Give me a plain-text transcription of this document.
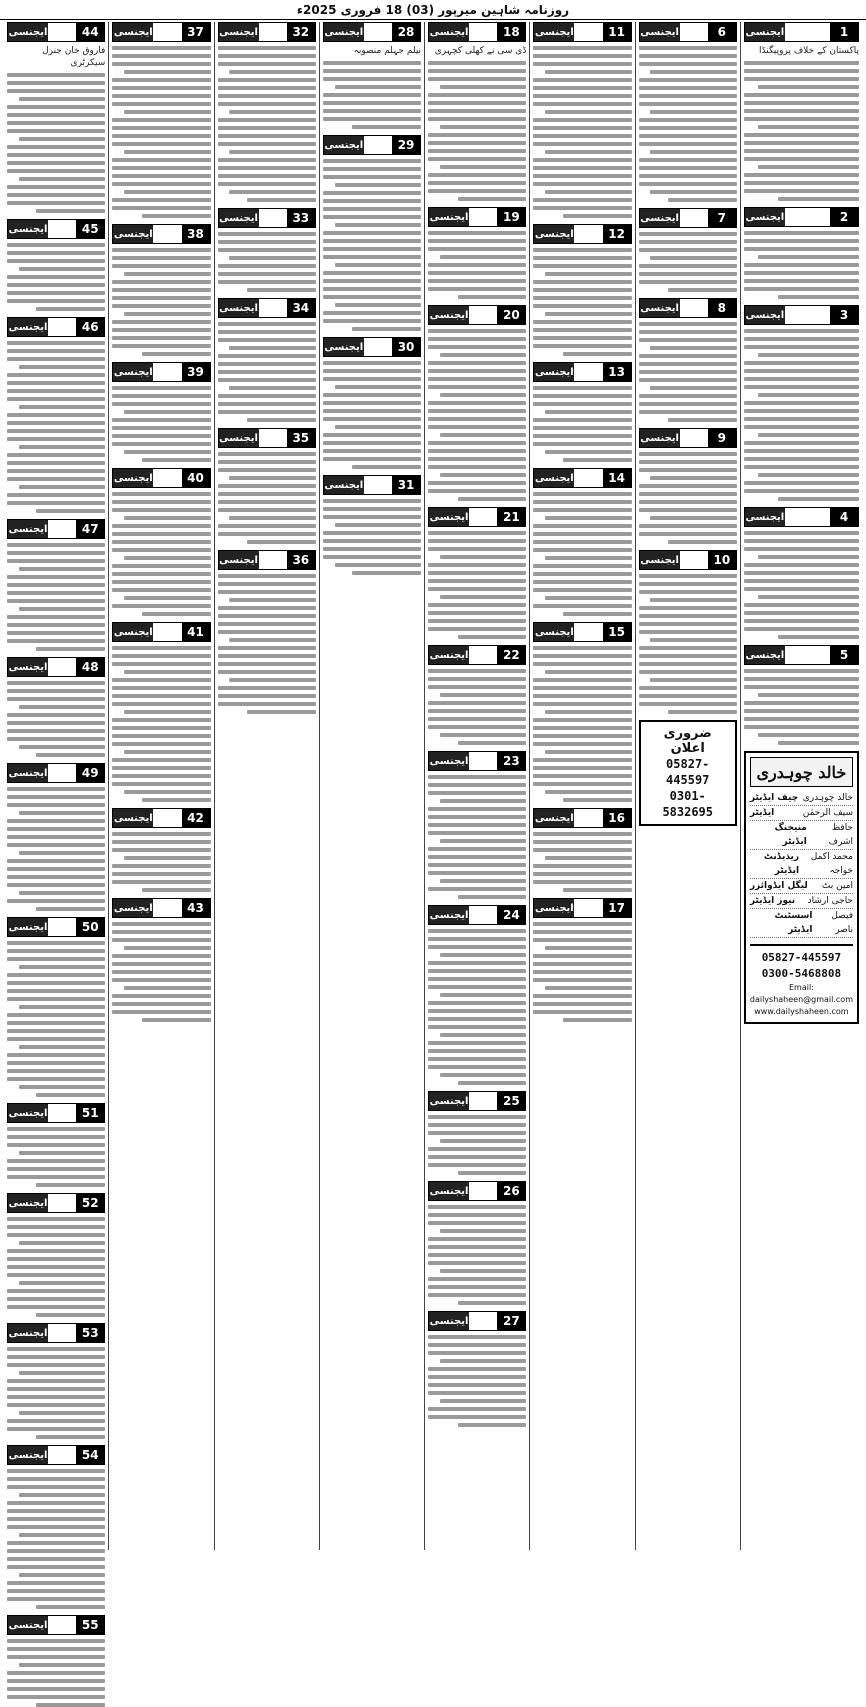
روزنامہ شاہین میرپور (03) 18 فروری 2025ء
1
ایجنسی
پاکستان کے خلاف پروپیگنڈا
2
ایجنسی
3
ایجنسی
4
ایجنسی
5
ایجنسی
خالد چوہدری
چیف ایڈیٹر خالد چوہدری
ایڈیٹر	سیف الرحمٰن
منیجنگ ایڈیٹر
حافظ اشرف
ریذیڈنٹ ایڈیٹر
محمد اکمل خواجہ
لیگل ایڈوائزر امین بٹ
نیوز ایڈیٹر حاجی ارشاد
اسسٹنٹ ایڈیٹر
فیصل ناصر
05827-445597
0300-5468808
Email: dailyshaheen@gmail.com
www.dailyshaheen.com
6
ایجنسی
7
ایجنسی
8
ایجنسی
9
ایجنسی
10
ایجنسی
ضروری اعلان
05827-445597
0301-5832695
11
ایجنسی
12
ایجنسی
13
ایجنسی
14
ایجنسی
15
ایجنسی
16
ایجنسی
17
ایجنسی
18
ایجنسی
ڈی سی نے کھلی کچہری
19
ایجنسی
20
ایجنسی
21
ایجنسی
22
ایجنسی
23
ایجنسی
24
ایجنسی
25
ایجنسی
26
ایجنسی
27
ایجنسی
28
ایجنسی
نیلم جہلم منصوبہ
29
ایجنسی
30
ایجنسی
31
ایجنسی
32
ایجنسی
33
ایجنسی
34
ایجنسی
35
ایجنسی
36
ایجنسی
37
ایجنسی
38
ایجنسی
39
ایجنسی
40
ایجنسی
41
ایجنسی
42
ایجنسی
43
ایجنسی
44
ایجنسی
فاروق خان جنرل سیکرٹری
45
ایجنسی
46
ایجنسی
47
ایجنسی
48
ایجنسی
49
ایجنسی
50
ایجنسی
51
ایجنسی
52
ایجنسی
53
ایجنسی
54
ایجنسی
55
ایجنسی
